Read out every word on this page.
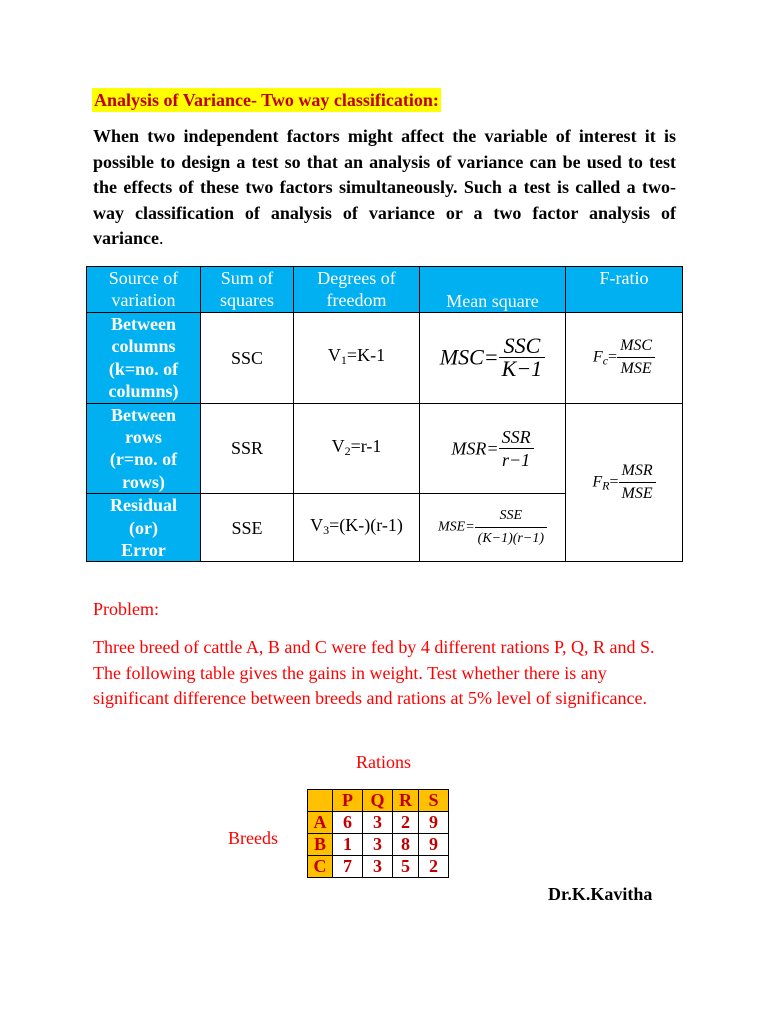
Analysis of Variance- Two way classification:
When two independent factors might affect the variable of interest it is possible to design a test so that an analysis of variance can be used to test the effects of these two factors simultaneously. Such a test is called a two-way classification of analysis of variance or a two factor analysis of variance.
Source of
variation	Sum of
squares	Degrees of
freedom	Mean square	F-ratio
Between
columns
(k=no. of
columns)	SSC	$V_1=K-1$	$MSC= \frac{\text{SSC}}{K-1}$	$F_c= \frac{\text{MSC}}{\text{MSE}}$

Between
rows
(r=no. of
rows)	SSR	$V_2=r-1$	$MSR= \frac{\text{SSR}}{r-1}$	$F_R= \frac{\text{MSR}}{\text{MSE}}$

Residual
(or)
Error	SSE	$V_3=(K-)(r-1)$	$MSE= \frac{\text{SSE}}{(K-1)(r-1)}$
Problem:
Three breed of cattle A, B and C were fed by 4 different rations P, Q, R and S. The following table gives the gains in weight. Test whether there is any significant difference between breeds and rations at 5% level of significance.
Rations
Breeds
	P	Q	R	S
A	6	3	2	9
B	1	3	8	9
C	7	3	5	2
Dr.K.Kavitha
